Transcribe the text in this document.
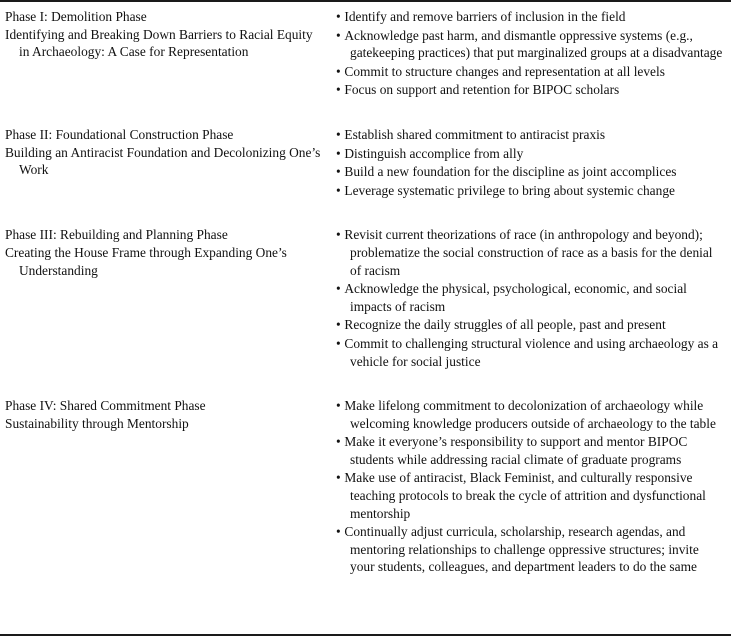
Phase I: Demolition Phase
Identifying and Breaking Down Barriers to Racial Equity in Archaeology: A Case for Representation
•  Identify and remove barriers of inclusion in the field
•  Acknowledge past harm, and dismantle oppressive systems (e.g., gatekeeping practices) that put marginalized groups at a disadvantage
•  Commit to structure changes and representation at all levels
•  Focus on support and retention for BIPOC scholars
Phase II: Foundational Construction Phase
Building an Antiracist Foundation and Decolonizing One’s Work
•  Establish shared commitment to antiracist praxis
•  Distinguish accomplice from ally
•  Build a new foundation for the discipline as joint accomplices
•  Leverage systematic privilege to bring about systemic change
Phase III: Rebuilding and Planning Phase
Creating the House Frame through Expanding One’s Understanding
•  Revisit current theorizations of race (in anthropology and beyond); problematize the social construction of race as a basis for the denial of racism
•  Acknowledge the physical, psychological, economic, and social impacts of racism
•  Recognize the daily struggles of all people, past and present
•  Commit to challenging structural violence and using archaeology as a vehicle for social justice
Phase IV: Shared Commitment Phase
Sustainability through Mentorship
•  Make lifelong commitment to decolonization of archaeology while welcoming knowledge producers outside of archaeology to the table
•  Make it everyone’s responsibility to support and mentor BIPOC students while addressing racial climate of graduate programs
•  Make use of antiracist, Black Feminist, and culturally responsive teaching protocols to break the cycle of attrition and dysfunctional mentorship
•  Continually adjust curricula, scholarship, research agendas, and mentoring relationships to challenge oppressive structures; invite your students, colleagues, and department leaders to do the same
